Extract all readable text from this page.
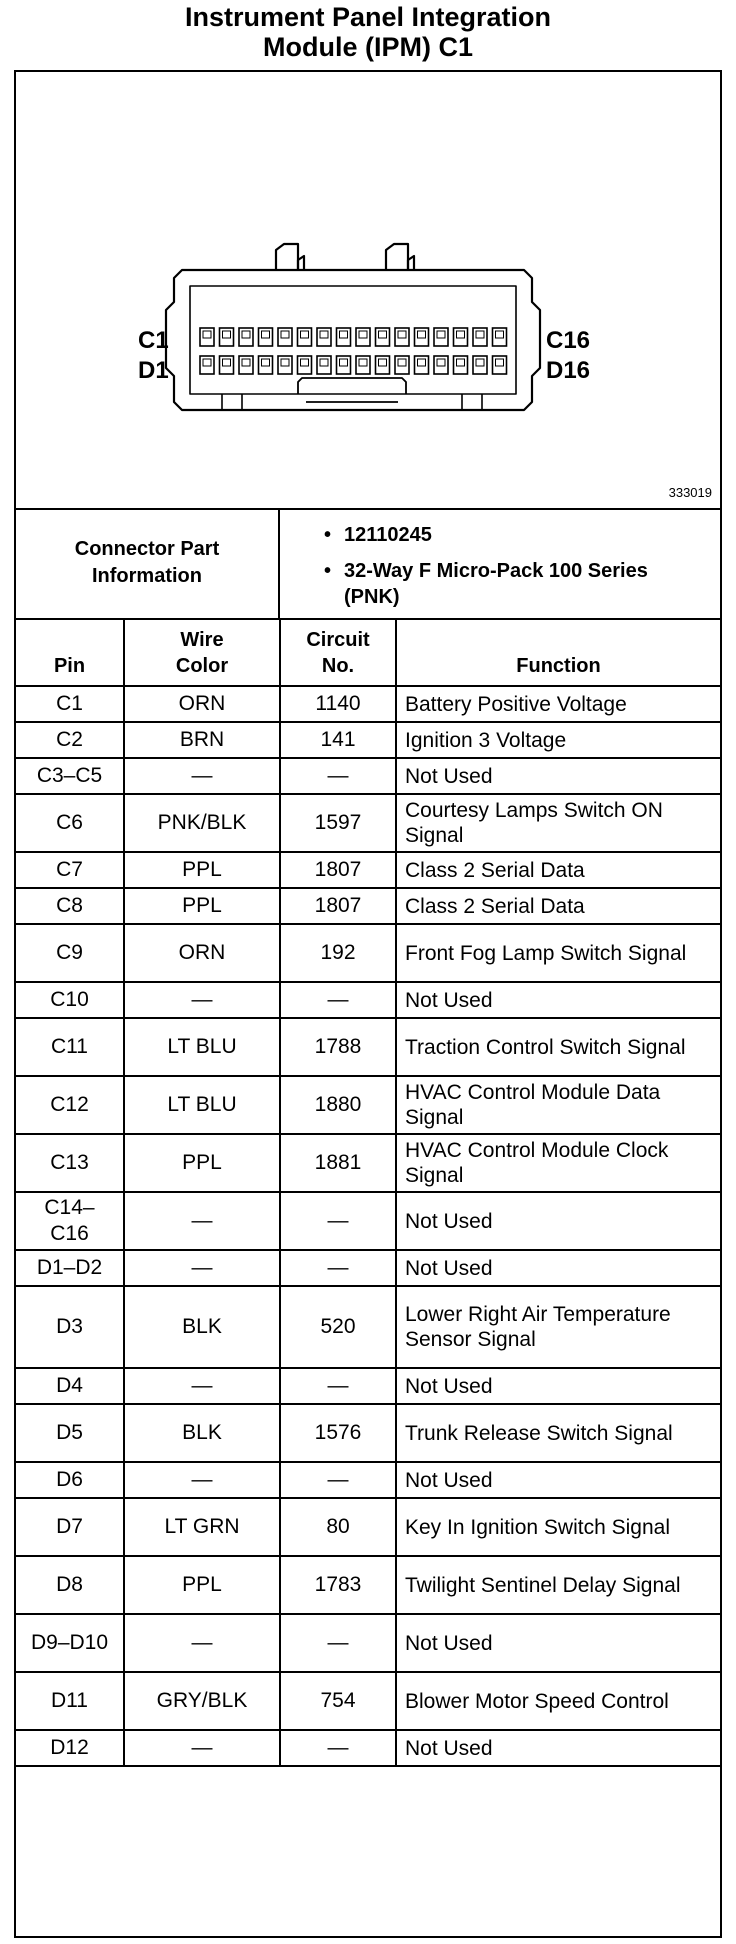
Instrument Panel Integration
Module (IPM) C1
C1
D1
C16
D16
333019
Connector Part Information
• 12110245
• 32-Way F Micro-Pack 100 Series (PNK)
Pin	Wire Color	Circuit No.	Function
C1	ORN	1140	Battery Positive Voltage
C2	BRN	141	Ignition 3 Voltage
C3–C5	—	—	Not Used
C6	PNK/BLK	1597	Courtesy Lamps Switch ON Signal
C7	PPL	1807	Class 2 Serial Data
C8	PPL	1807	Class 2 Serial Data
C9	ORN	192	Front Fog Lamp Switch Signal
C10	—	—	Not Used
C11	LT BLU	1788	Traction Control Switch Signal
C12	LT BLU	1880	HVAC Control Module Data Signal
C13	PPL	1881	HVAC Control Module Clock Signal
C14–C16	—	—	Not Used
D1–D2	—	—	Not Used
D3	BLK	520	Lower Right Air Temperature Sensor Signal
D4	—	—	Not Used
D5	BLK	1576	Trunk Release Switch Signal
D6	—	—	Not Used
D7	LT GRN	80	Key In Ignition Switch Signal
D8	PPL	1783	Twilight Sentinel Delay Signal
D9–D10	—	—	Not Used
D11	GRY/BLK	754	Blower Motor Speed Control
D12	—	—	Not Used
